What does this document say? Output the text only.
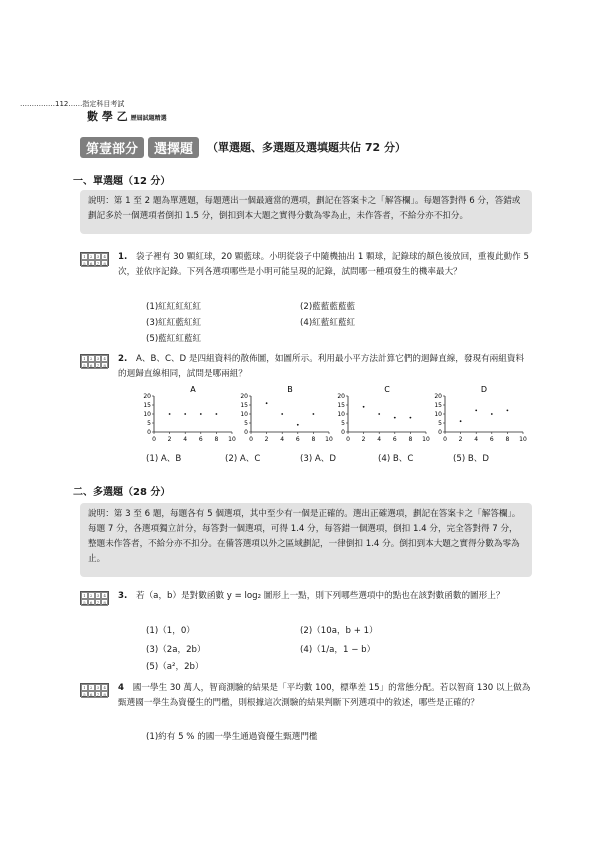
……………112……指定科目考試
數 學 乙 歷屆試題精選
第壹部分	選擇題	（單選題、多選題及選填題共佔 72 分）
一、單選題（12 分）
說明：第 1 至 2 題為單選題，每題選出一個最適當的選項，劃記在答案卡之「解答欄」。每題答對得 6 分，答錯或劃記多於一個選項者倒扣 1.5 分，倒扣到本大題之實得分數為零為止，未作答者，不給分亦不扣分。
1	2	3	4
5	6	7	8
1. 袋子裡有 30 顆紅球，20 顆藍球。小明從袋子中隨機抽出 1 顆球，記錄球的顏色後放回，重複此動作 5 次，並依序記錄。下列各選項哪些是小明可能呈現的記錄，試問哪一種項發生的機率最大？
(1)紅紅紅紅紅	(2)藍藍藍藍藍
(3)紅紅藍紅紅	(4)紅藍紅藍紅
(5)藍紅紅藍紅
1	2	3	4
5	6	7	8
2. A、B、C、D 是四組資料的散佈圖，如圖所示。利用最小平方法計算它們的迴歸直線，發現有兩組資料的迴歸直線相同，試問是哪兩組？
A
0
5
10
15
20
0 2 4 6 8 10
B
0
5
10
15
20
0 2 4 6 8 10
C
0
5
10
15
20
0 2 4 6 8 10
D
0
5
10
15
20
0 2 4 6 8 10
(1) A、B	(2) A、C	(3) A、D	(4) B、C	(5) B、D
二、多選題（28 分）
說明：第 3 至 6 題，每題各有 5 個選項，其中至少有一個是正確的。選出正確選項，劃記在答案卡之「解答欄」。每題 7 分，各選項獨立計分，每答對一個選項，可得 1.4 分，每答錯一個選項，倒扣 1.4 分，完全答對得 7 分，整題未作答者，不給分亦不扣分。在備答選項以外之區域劃記，一律倒扣 1.4 分。倒扣到本大題之實得分數為零為止。
1	2	3	4
5	6	7	8
3. 若（a，b）是對數函數 y = log₂ 圖形上一點，則下列哪些選項中的點也在該對數函數的圖形上？
(1)（1，0）	(2)（10a，b + 1）
(3)（2a，2b）	(4)（1/a，1 − b）
(5)（a²，2b）
1	2	3	4
5	6	7	8
4 國一學生 30 萬人，智商測驗的結果是「平均數 100，標準差 15」的常態分配。若以智商 130 以上做為甄選國一學生為資優生的門檻，則根據這次測驗的結果判斷下列選項中的敘述，哪些是正確的？
(1)約有 5 % 的國一學生通過資優生甄選門檻
